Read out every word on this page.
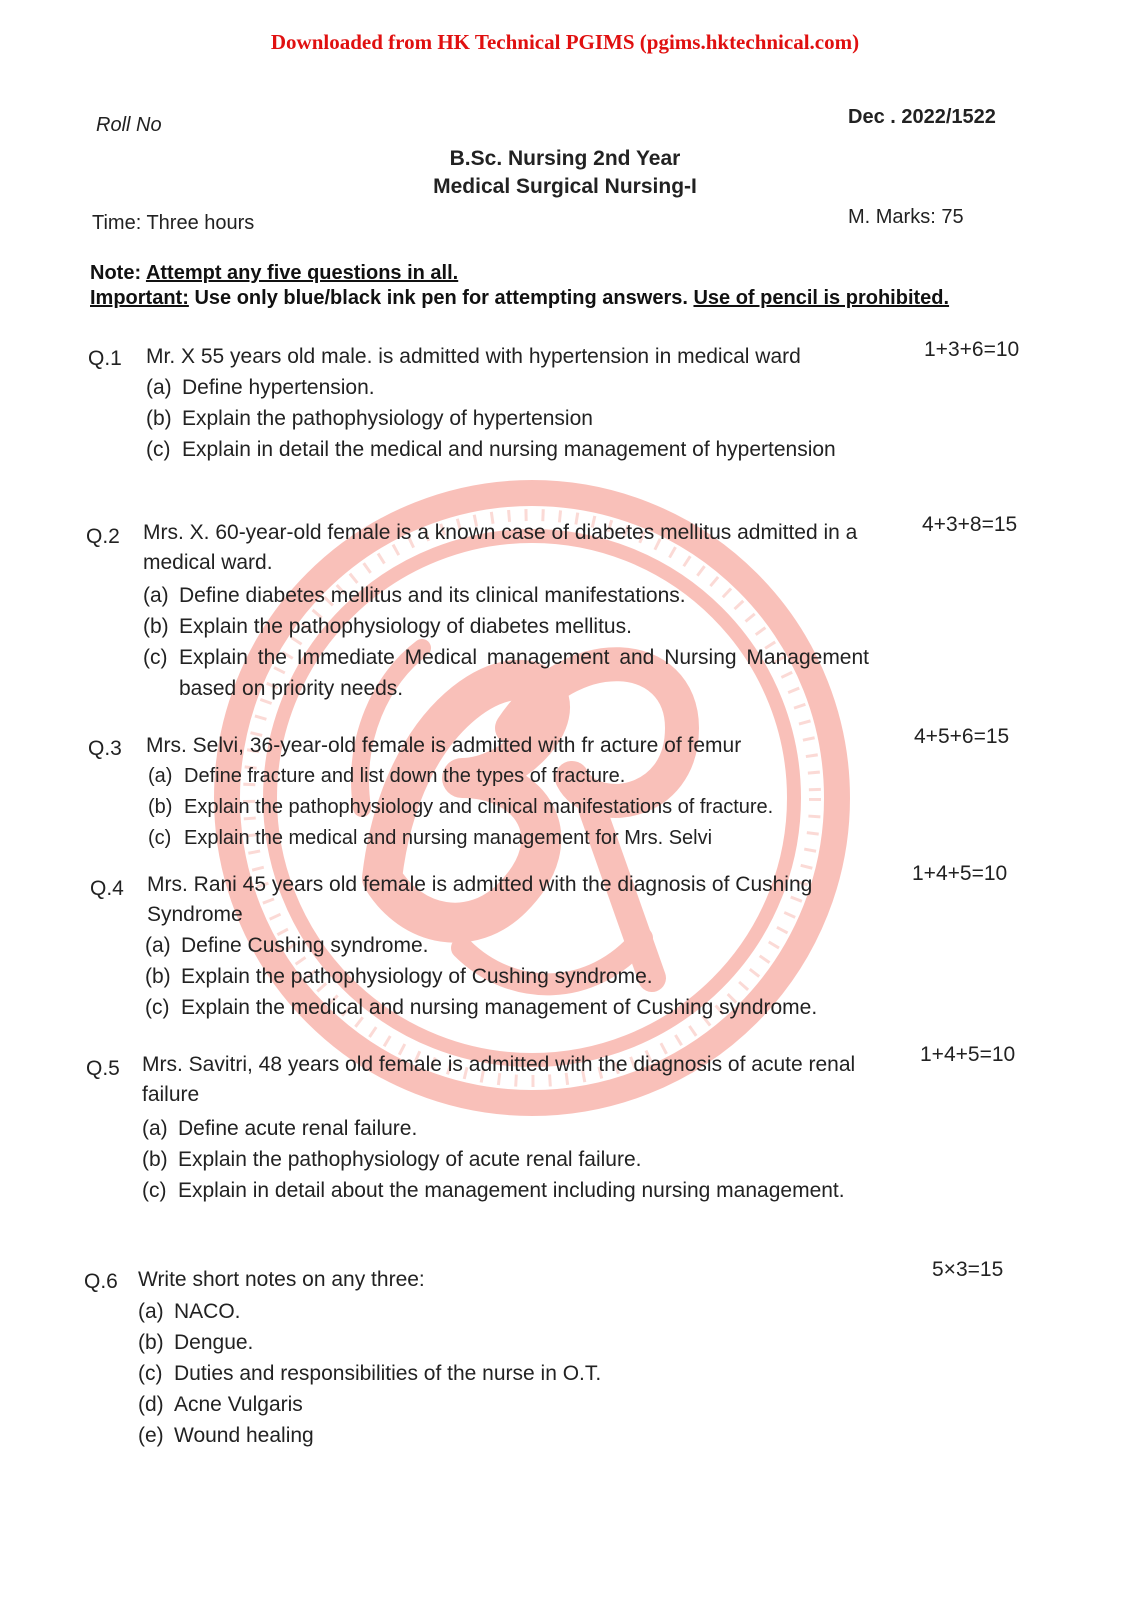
Downloaded from HK Technical PGIMS (pgims.hktechnical.com)
Roll No	Dec . 2022/1522
B.Sc. Nursing 2nd Year
Medical Surgical Nursing-I
Time: Three hours	M. Marks: 75
Note: Attempt any five questions in all.
Important: Use only blue/black ink pen for attempting answers. Use of pencil is prohibited.
Q.1 Mr. X 55 years old male. is admitted with hypertension in medical ward	1+3+6=10
(a) Define hypertension.
(b) Explain the pathophysiology of hypertension
(c) Explain in detail the medical and nursing management of hypertension
Q.2 Mrs. X. 60-year-old female is a known case of diabetes mellitus admitted in a medical ward.
4+3+8=15
(a) Define diabetes mellitus and its clinical manifestations.
(b) Explain the pathophysiology of diabetes mellitus.
(c) Explain the Immediate Medical management and Nursing Management based on priority needs.
Q.3 Mrs. Selvi, 36-year-old female is admitted with fr acture of femur	4+5+6=15
(a) Define fracture and list down the types of fracture.
(b) Explain the pathophysiology and clinical manifestations of fracture.
(c) Explain the medical and nursing management for Mrs. Selvi
Q.4 Mrs. Rani 45 years old female is admitted with the diagnosis of Cushing Syndrome
1+4+5=10
(a) Define Cushing syndrome.
(b) Explain the pathophysiology of Cushing syndrome.
(c) Explain the medical and nursing management of Cushing syndrome.
Q.5 Mrs. Savitri, 48 years old female is admitted with the diagnosis of acute renal failure
1+4+5=10
(a) Define acute renal failure.
(b) Explain the pathophysiology of acute renal failure.
(c) Explain in detail about the management including nursing management.
Q.6 Write short notes on any three:	5×3=15
(a) NACO.
(b) Dengue.
(c) Duties and responsibilities of the nurse in O.T.
(d) Acne Vulgaris
(e) Wound healing
